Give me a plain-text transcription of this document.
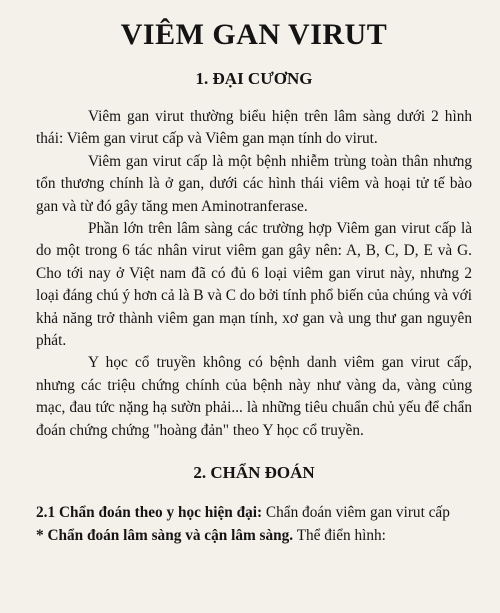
VIÊM GAN VIRUT
1. ĐẠI CƯƠNG

Viêm gan virut thường biểu hiện trên lâm sàng dưới 2 hình thái: Viêm gan virut cấp và Viêm gan mạn tính do virut.

Viêm gan virut cấp là một bệnh nhiễm trùng toàn thân nhưng tổn thương chính là ở gan, dưới các hình thái viêm và hoại tử tế bào gan và từ đó gây tăng men Aminotranferase.

Phần lớn trên lâm sàng các trường hợp Viêm gan virut cấp là do một trong 6 tác nhân virut viêm gan gây nên: A, B, C, D, E và G. Cho tới nay ở Việt nam đã có đủ 6 loại viêm gan virut này, nhưng 2 loại đáng chú ý hơn cả là B và C do bởi tính phổ biến của chúng và với khả năng trở thành viêm gan mạn tính, xơ gan và ung thư gan nguyên phát.

Y học cổ truyền không có bệnh danh viêm gan virut cấp, nhưng các triệu chứng chính của bệnh này như vàng da, vàng củng mạc, đau tức nặng hạ sườn phải... là những tiêu chuẩn chủ yếu để chẩn đoán chứng chứng "hoàng đản" theo Y học cổ truyền.

2. CHẨN ĐOÁN

2.1 Chẩn đoán theo y học hiện đại: Chẩn đoán viêm gan virut cấp

* Chẩn đoán lâm sàng và cận lâm sàng. Thể điển hình:
